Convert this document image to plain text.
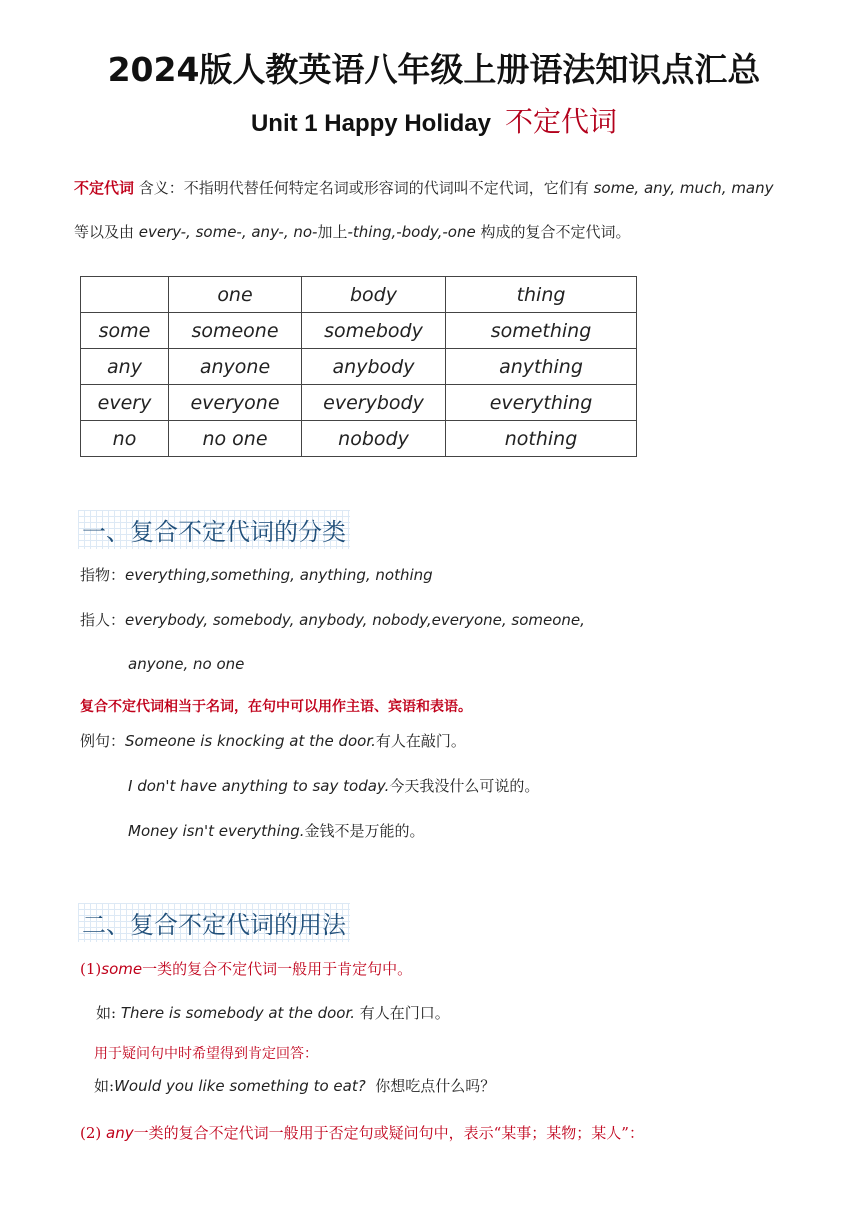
2024版人教英语八年级上册语法知识点汇总
Unit 1 Happy Holiday 不定代词
不定代词 含义：不指明代替任何特定名词或形容词的代词叫不定代词，它们有 some, any, much, many 等以及由 every-, some-, any-, no-加上-thing,-body,-one 构成的复合不定代词。
	one	body	thing
some	someone	somebody	something
any	anyone	anybody	anything
every	everyone	everybody	everything
no	no one	nobody	nothing
一、复合不定代词的分类
指物：everything,something, anything, nothing
指人：everybody, somebody, anybody, nobody,everyone, someone,
anyone, no one
复合不定代词相当于名词，在句中可以用作主语、宾语和表语。
例句：Someone is knocking at the door.有人在敲门。
I don't have anything to say today.今天我没什么可说的。
Money isn't everything.金钱不是万能的。
二、复合不定代词的用法
(1)some一类的复合不定代词一般用于肯定句中。
如: There is somebody at the door. 有人在门口。
用于疑问句中时希望得到肯定回答：
如:Would you like something to eat? 你想吃点什么吗？
(2) any一类的复合不定代词一般用于否定句或疑问句中，表示“某事；某物；某人”：
